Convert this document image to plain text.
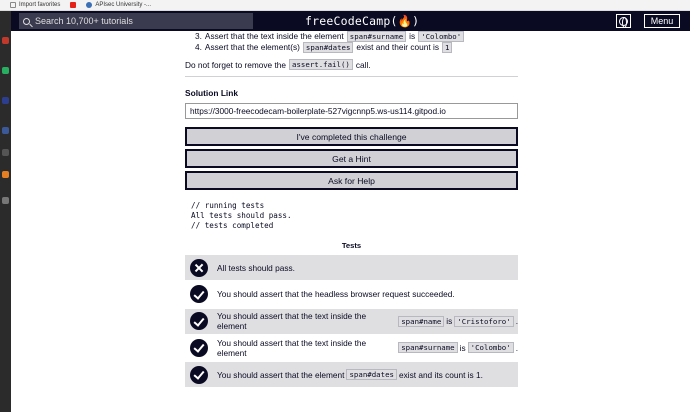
Import favorites	APIsec University -...
Search 10,700+ tutorials	freeCodeCamp(🔥)	Menu
3. Assert that the text inside the element span#surname is 'Colombo'
4. Assert that the element(s) span#dates exist and their count is 1
Do not forget to remove the assert.fail() call.
Solution Link
https://3000-freecodecam-boilerplate-527vigcnnp5.ws-us114.gitpod.io
I've completed this challenge
Get a Hint
Ask for Help
// running tests
All tests should pass.
// tests completed
Tests
All tests should pass.
You should assert that the headless browser request succeeded.
You should assert that the text inside the element	span#name is 'Cristoforo' .
You should assert that the text inside the element	span#surname is 'Colombo' .
You should assert that the element span#dates exist and its count is 1.
